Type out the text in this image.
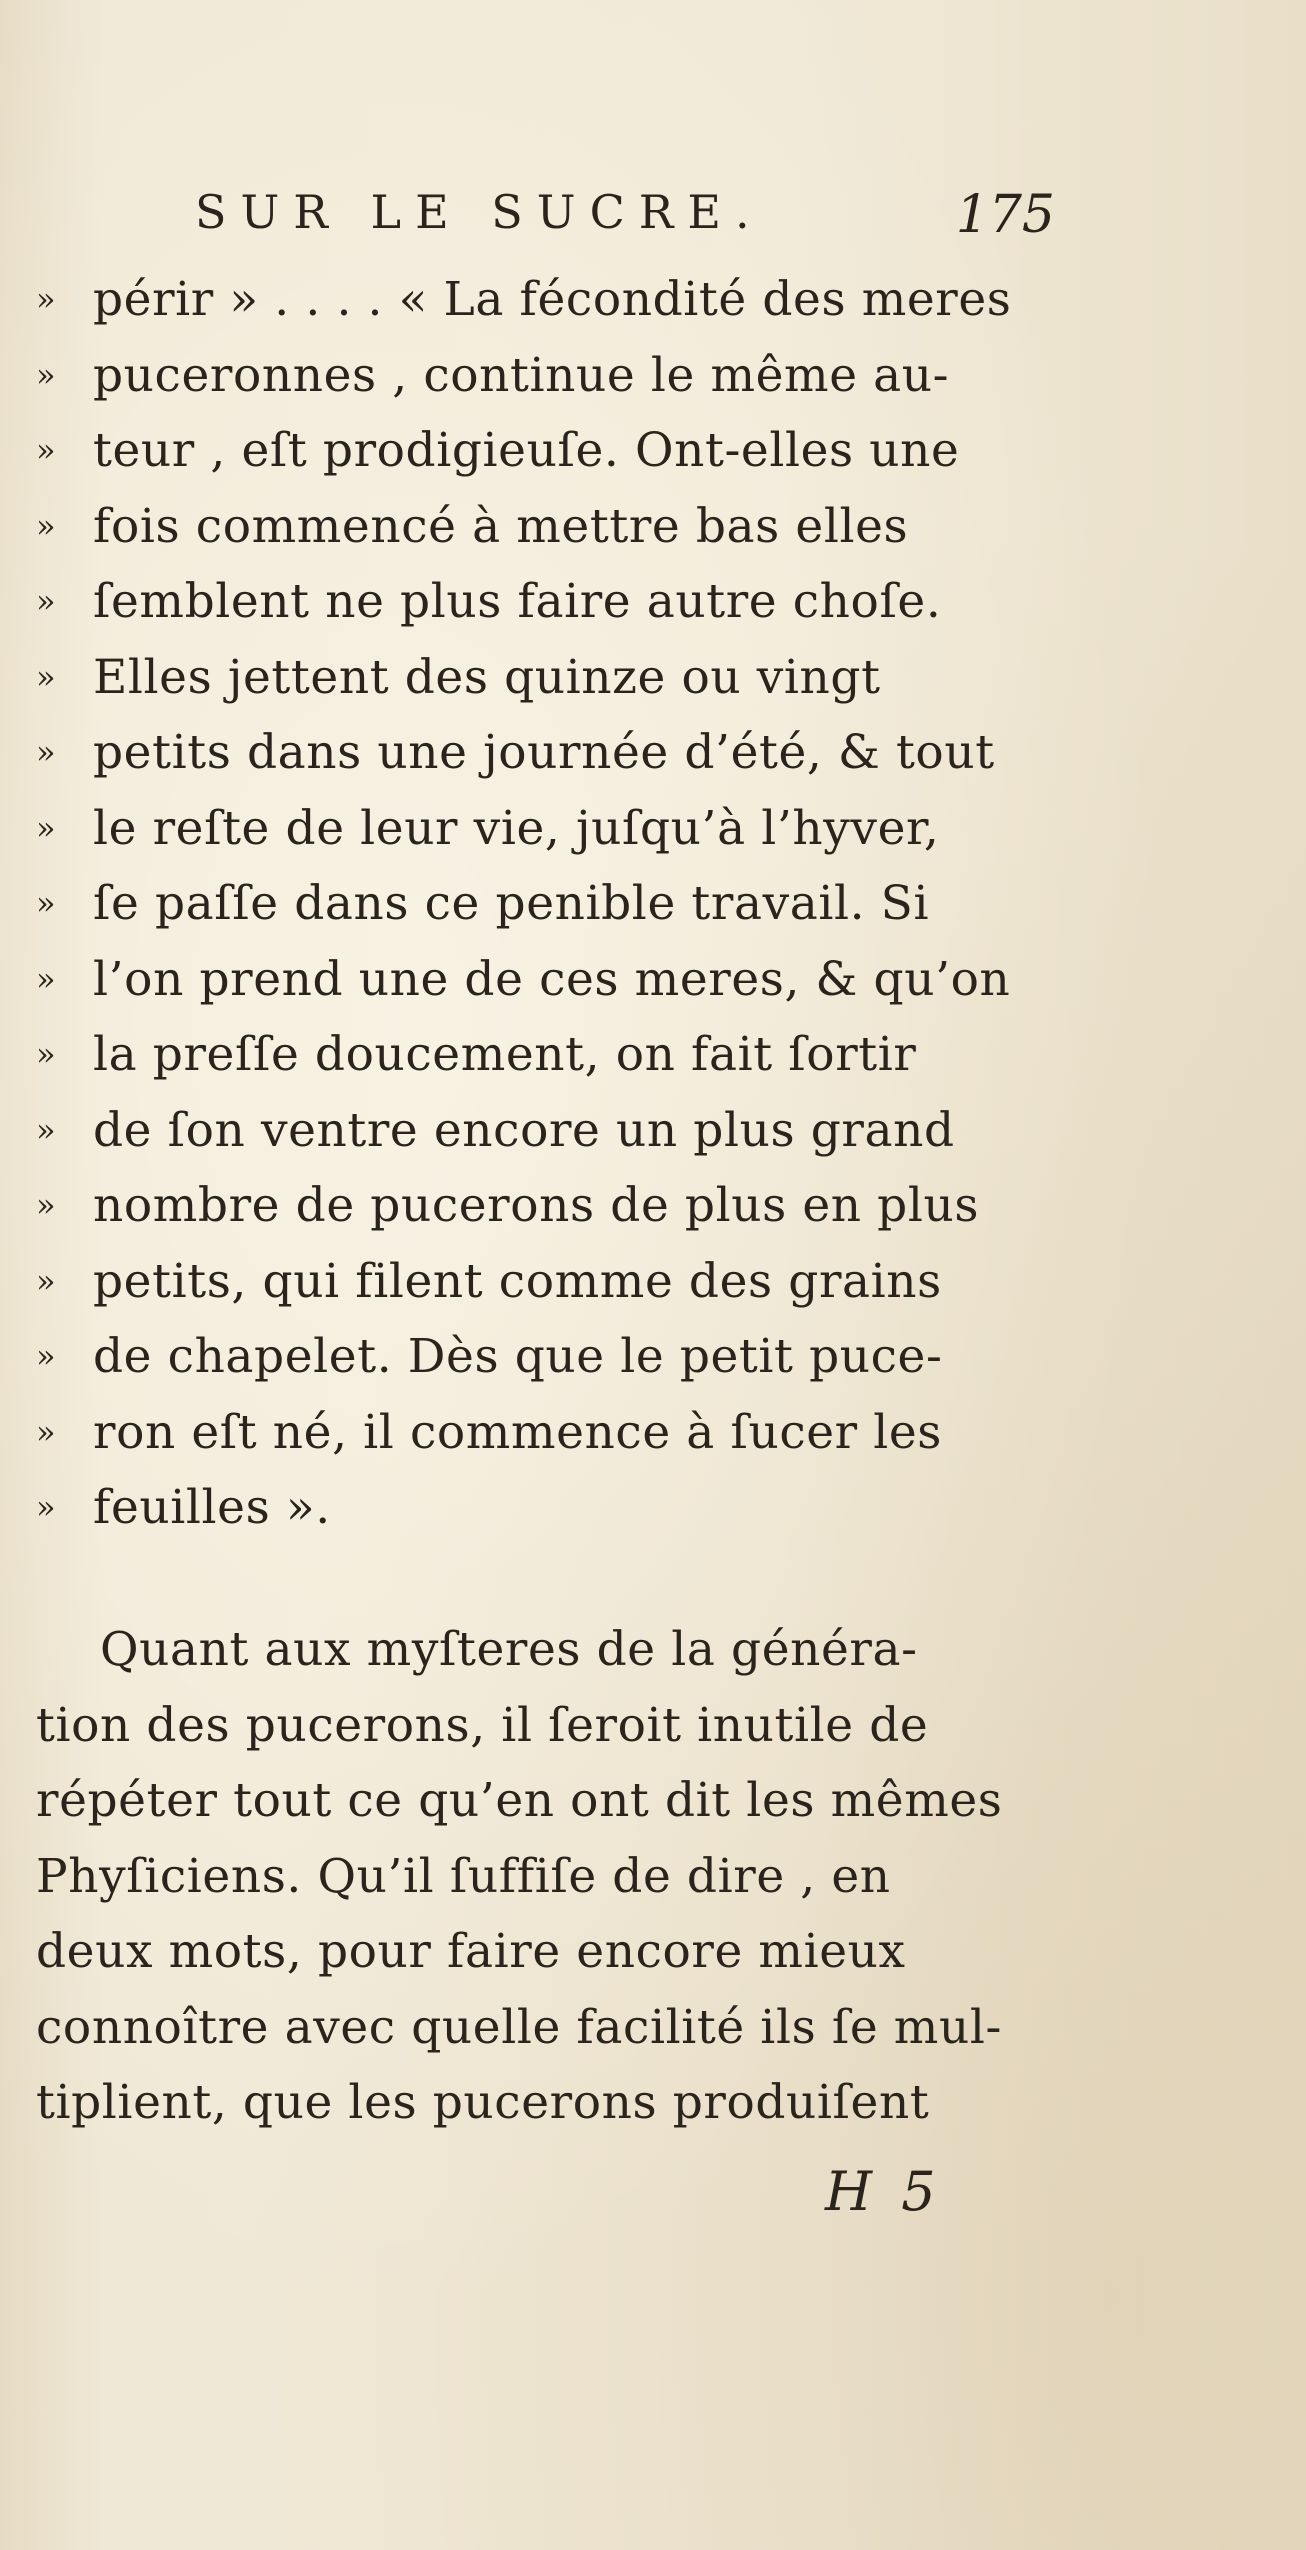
SUR LE SUCRE.	175
» périr » . . . . « La fécondité des meres
» puceronnes , continue le même au-
» teur , eſt prodigieuſe. Ont-elles une
» fois commencé à mettre bas elles
» ſemblent ne plus faire autre choſe.
» Elles jettent des quinze ou vingt
» petits dans une journée d’été, & tout
» le reſte de leur vie, juſqu’à l’hyver,
» ſe paſſe dans ce penible travail. Si
» l’on prend une de ces meres, & qu’on
» la preſſe doucement, on fait ſortir
» de ſon ventre encore un plus grand
» nombre de pucerons de plus en plus
» petits, qui filent comme des grains
» de chapelet. Dès que le petit puce-
» ron eſt né, il commence à ſucer les
» feuilles ».
Quant aux myſteres de la généra-
tion des pucerons, il ſeroit inutile de
répéter tout ce qu’en ont dit les mêmes
Phyſiciens. Qu’il ſuffiſe de dire , en
deux mots, pour faire encore mieux
connoître avec quelle facilité ils ſe mul-
tiplient, que les pucerons produiſent
H 5
